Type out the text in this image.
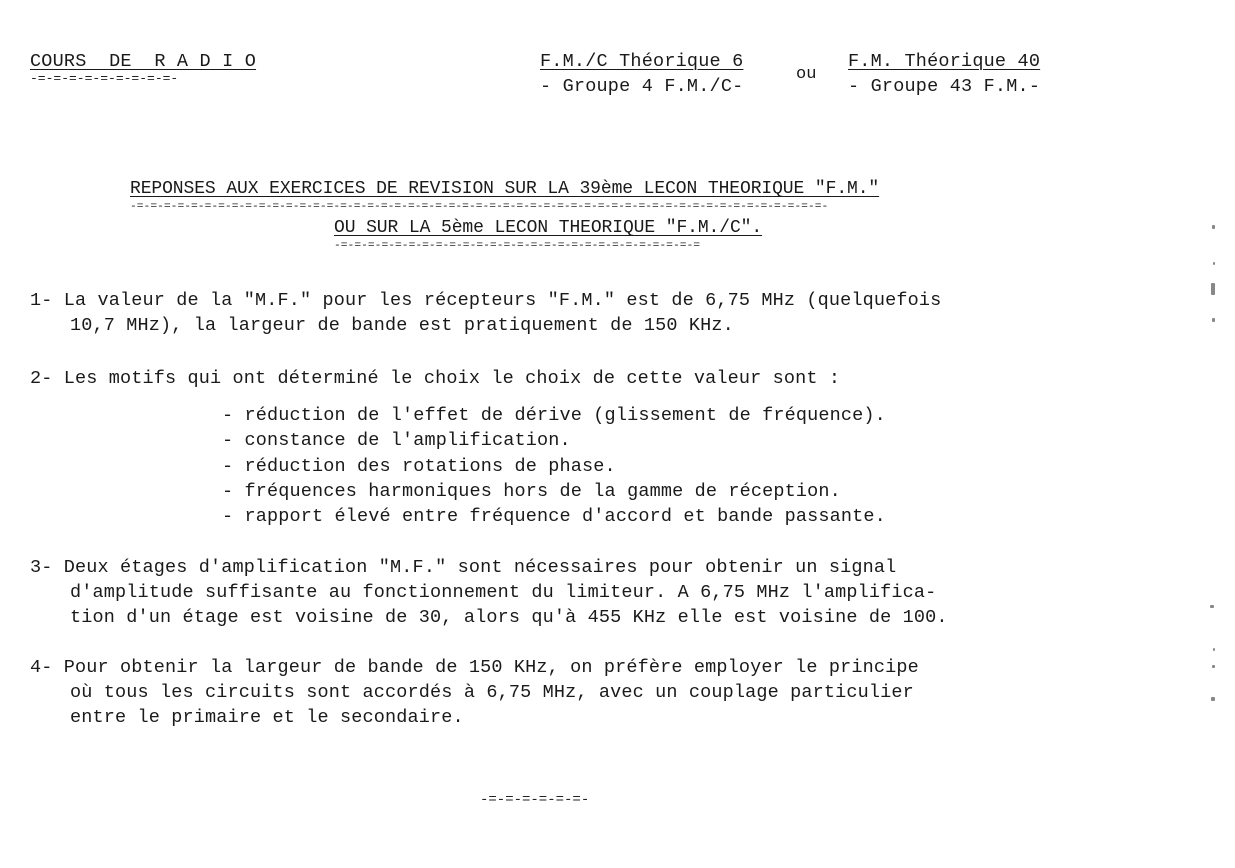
COURS  DE  R A D I O
-=-=-=-=-=-=-=-=-=-
F.M./C Théorique 6
- Groupe 4 F.M./C-
ou
F.M. Théorique 40
- Groupe 43 F.M.-
REPONSES AUX EXERCICES DE REVISION SUR LA 39ème LECON THEORIQUE "F.M."
-=-=-=-=-=-=-=-=-=-=-=-=-=-=-=-=-=-=-=-=-=-=-=-=-=-=-=-=-=-=-=-=-=-=-=-=-=-=-=-=-=-=-=-=-=-=-=-=-=-=-=-
OU SUR LA 5ème LECON THEORIQUE "F.M./C".
-=-=-=-=-=-=-=-=-=-=-=-=-=-=-=-=-=-=-=-=-=-=-=-=-=-=-=
1- La valeur de la "M.F." pour les récepteurs "F.M." est de 6,75 MHz (quelquefois
10,7 MHz), la largeur de bande est pratiquement de 150 KHz.
2- Les motifs qui ont déterminé le choix le choix de cette valeur sont :
- réduction de l'effet de dérive (glissement de fréquence).
- constance de l'amplification.
- réduction des rotations de phase.
- fréquences harmoniques hors de la gamme de réception.
- rapport élevé entre fréquence d'accord et bande passante.
3- Deux étages d'amplification "M.F." sont nécessaires pour obtenir un signal
d'amplitude suffisante au fonctionnement du limiteur. A 6,75 MHz l'amplifica-
tion d'un étage est voisine de 30, alors qu'à 455 KHz elle est voisine de 100.
4- Pour obtenir la largeur de bande de 150 KHz, on préfère employer le principe
où tous les circuits sont accordés à 6,75 MHz, avec un couplage particulier
entre le primaire et le secondaire.
-=-=-=-=-=-=-
